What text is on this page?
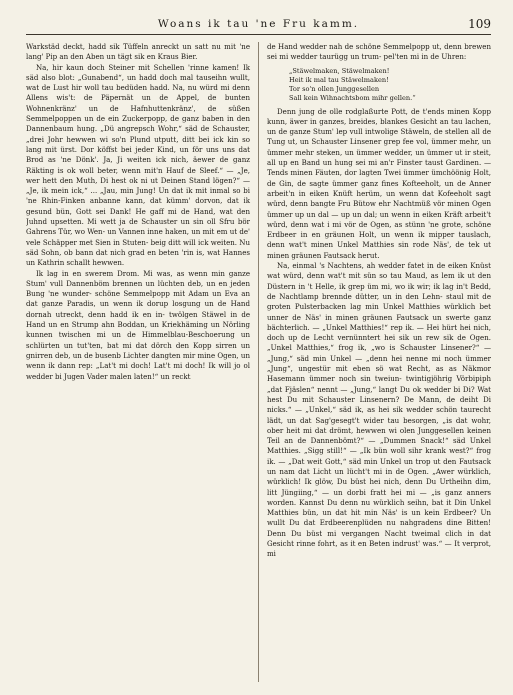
Woans ik tau 'ne Fru kamm.	109

Warkstäd deckt, hadd sik Tüffeln anreckt un satt nu mit 'ne lang' Pip an den Aben un tägt sik en Kraus Bier.

Na, hir kaun doch Steiner mit Schellen 'rinne kamen! Ik säd also blot: „Gunabend“, un hadd doch mal tauseihn wullt, wat de Lust hir woll tau bedüden hadd. Na, nu würd mi denn Allens wis't: de Päpernät un de Appel, de bunten Wohnenkränz' un de Hafnhuttenkränz', de süßen Semmelpoppen un de ein Zuckerpopp, de ganz baben in den Dannenbaum hung. „Dü angrepsch Wohr,“ säd de Schauster, „drei Johr hewwen wi so'n Plund utputt, ditt bei ick kin so lang mit ürst. Dor köffst bei jeder Kind, un för uns uns dat Brod as 'ne Dönk'. Ja, Ji weiten ick nich, äewer de ganz Räkting is ok woll beter, wenn mit'n Hauf de Sleef.“ — „Je, wer hett den Muth, Di hest ok ni ut Deinen Stand lögen?“ — „Je, ik mein ick,“ ... „Jau, min Jung! Un dat ik mit inmal so bi 'ne Rhin-Finken anbanne kann, dat kümm' dorvon, dat ik gesund bün, Gott sei Dank! He gaff mi de Hand, wat den Juhnd upsetten. Mi wett ja de Schauster un sin oll Sfru bör Gahrens Tür, wo Wen- un Vannen inne haken, un mit em ut de' vele Schäpper met Sien in Stuten- beig ditt will ick weiten. Nu säd Sohn, ob bann dat nich grad en beten 'rin is, wat Hannes un Kathrin schallt hewwen.

Ik lag in en swerem Drom. Mi was, as wenn min ganze Stum' vull Dannenböm brennen un lüchten deb, un en jeden Bung 'ne wunder- schöne Semmelpopp mit Adam un Eva an dat ganze Paradis, un wenn ik dorup losgung un de Hand dornah utreckt, denn hadd ik en in- twölgen Stäwel in de Hand un en Strump ahn Boddan, un Kriekhäming un Nörling kunnen twischen mi un de Himmelblau-Beschoerung un schlürten un tut'ten, bat mi dat dörch den Kopp sirren un gnirren deb, un de busenb Lichter dangten mir mine Ogen, un wenn ik dann rep: „Lat't mi doch! Lat't mi doch! Ik will jo ol wedder bi Jugen Vader malen laten!“ un reckt

de Hand wedder nah de schöne Semmelpopp ut, denn brewen sei mi wedder taurügg un trum- pel'ten mi in de Uhren:

„Stäwelmaken, Stäwelmaken!
Heit ik mal tau Stäwelmaken!
Tor so'n ollen Junggesellen
Sall kein Wihnachtsbom mihr gellen.“

Denn jung de olle rodglaßurte Pott, de t'ends minen Kopp kunn, äwer in ganzes, breides, blankes Gesicht an tau lachen, un de ganze Stum' lep vull intwolige Stäweln, de stellen all de Tung ut, un Schauster Linsener grep fee vol, ümmer mehr, un ümmer mehr steken, un ümmer wedder, un ümmer ut ir steit, all up en Band un hung sei mi an'r Finster taust Gardinen. — Tends minen Fäuten, dor lagten Twei ümmer ümchöönig Holt, de Gin, de sagte ümmer ganz fines Kofteeholt, un de Anner arbeit'n in eiken Knüft herüm, un wenn dat Kofeeholt sagt würd, denn bangte Fru Bütow ehr Nachtmüß vör minen Ogen ümmer up un dal — up un dal; un wenn in eiken Kräft arbeit't würd, denn wat i mi vör de Ogen, as stünn 'ne grote, schöne Erdbeer in en gräunen Holt, un wenn ik mipper tauslach, denn wat't minen Unkel Matthies sin rode Näs', de tek ut minen gräunen Fautsack herut.

Na, einmal 's Nachtens, ah wedder fatet in de eiken Knüst wat würd, denn wat't mit sün so tau Maud, as lem ik ut den Düstern in 't Helle, ik grep üm mi, wo ik wir; ik lag in't Bedd, de Nachtlamp brennde dütter, un in den Lehn- staul mit de groten Pulsterbacken lag min Unkel Matthies würklich bet unner de Näs' in minen gräunen Fautsack un swerte ganz bächterlich. — „Unkel Matthies!“ rep ik. — Hei hürt hei nich, doch up de Lecht vernünntert hei sik un rew sik de Ogen. „Unkel Matthies,“ frog ik, „wo is Schauster Linsener?“ — „Jung,“ säd min Unkel — „denn hei nenne mi noch ümmer „Jung“, ungestür mit eben sö wat Recht, as as Näkmor Hasemann ümmer noch sin tweiun- twintigjöhrig Vörbipiph „dat Fjäslen“ nennt — „Jung,“ langt Du ok wedder bi Di? Wat hest Du mit Schauster Linsenern? De Mann, de deiht Di nicks.“ — „Unkel,“ säd ik, as hei sik wedder schön taurecht lädt, un dat Sag'gesegt't wider tau besorgen, „is dat wohr, ober heit mi dat drömt, hewwen wi olen Junggesellen keinen Teil an de Dannenbömt?“ — „Dummen Snack!“ säd Unkel Matthies. „Sigg still!“ — „Ik bün woll sihr krank west?“ frog ik. — „Dat weit Gott,“ säd min Unkel un trop ut den Fautsack un nam dat Licht un lücht't mi in de Ogen. „Awer würklich, würklich! Ik glöw, Du büst hei nich, denn Du Urtheihn dim, litt Jüngiing,“ — un dorbi fratt hei mi — „is ganz anners worden. Kannst Du denn nu würklich seihn, bat it Din Unkel Matthies bün, un dat hit min Näs' is un kein Erdbeer? Un wullt Du dat Erdbeerenplüden nu nahgradens dine Bitten! Denn Du büst mi vergangen Nacht tweimal clich in dat Gesicht rinne fohrt, as it en Beten indrust' was.“ — It verprot, mi
